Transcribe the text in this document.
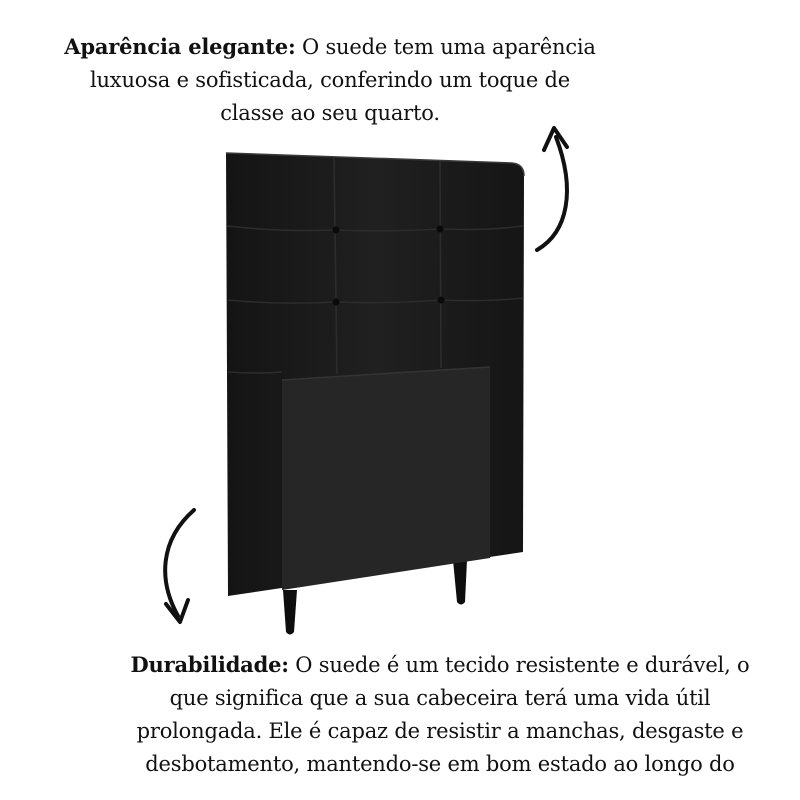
Aparência elegante: O suede tem uma aparência
luxuosa e sofisticada, conferindo um toque de
classe ao seu quarto.
Durabilidade: O suede é um tecido resistente e durável, o
que significa que a sua cabeceira terá uma vida útil
prolongada. Ele é capaz de resistir a manchas, desgaste e
desbotamento, mantendo-se em bom estado ao longo do
